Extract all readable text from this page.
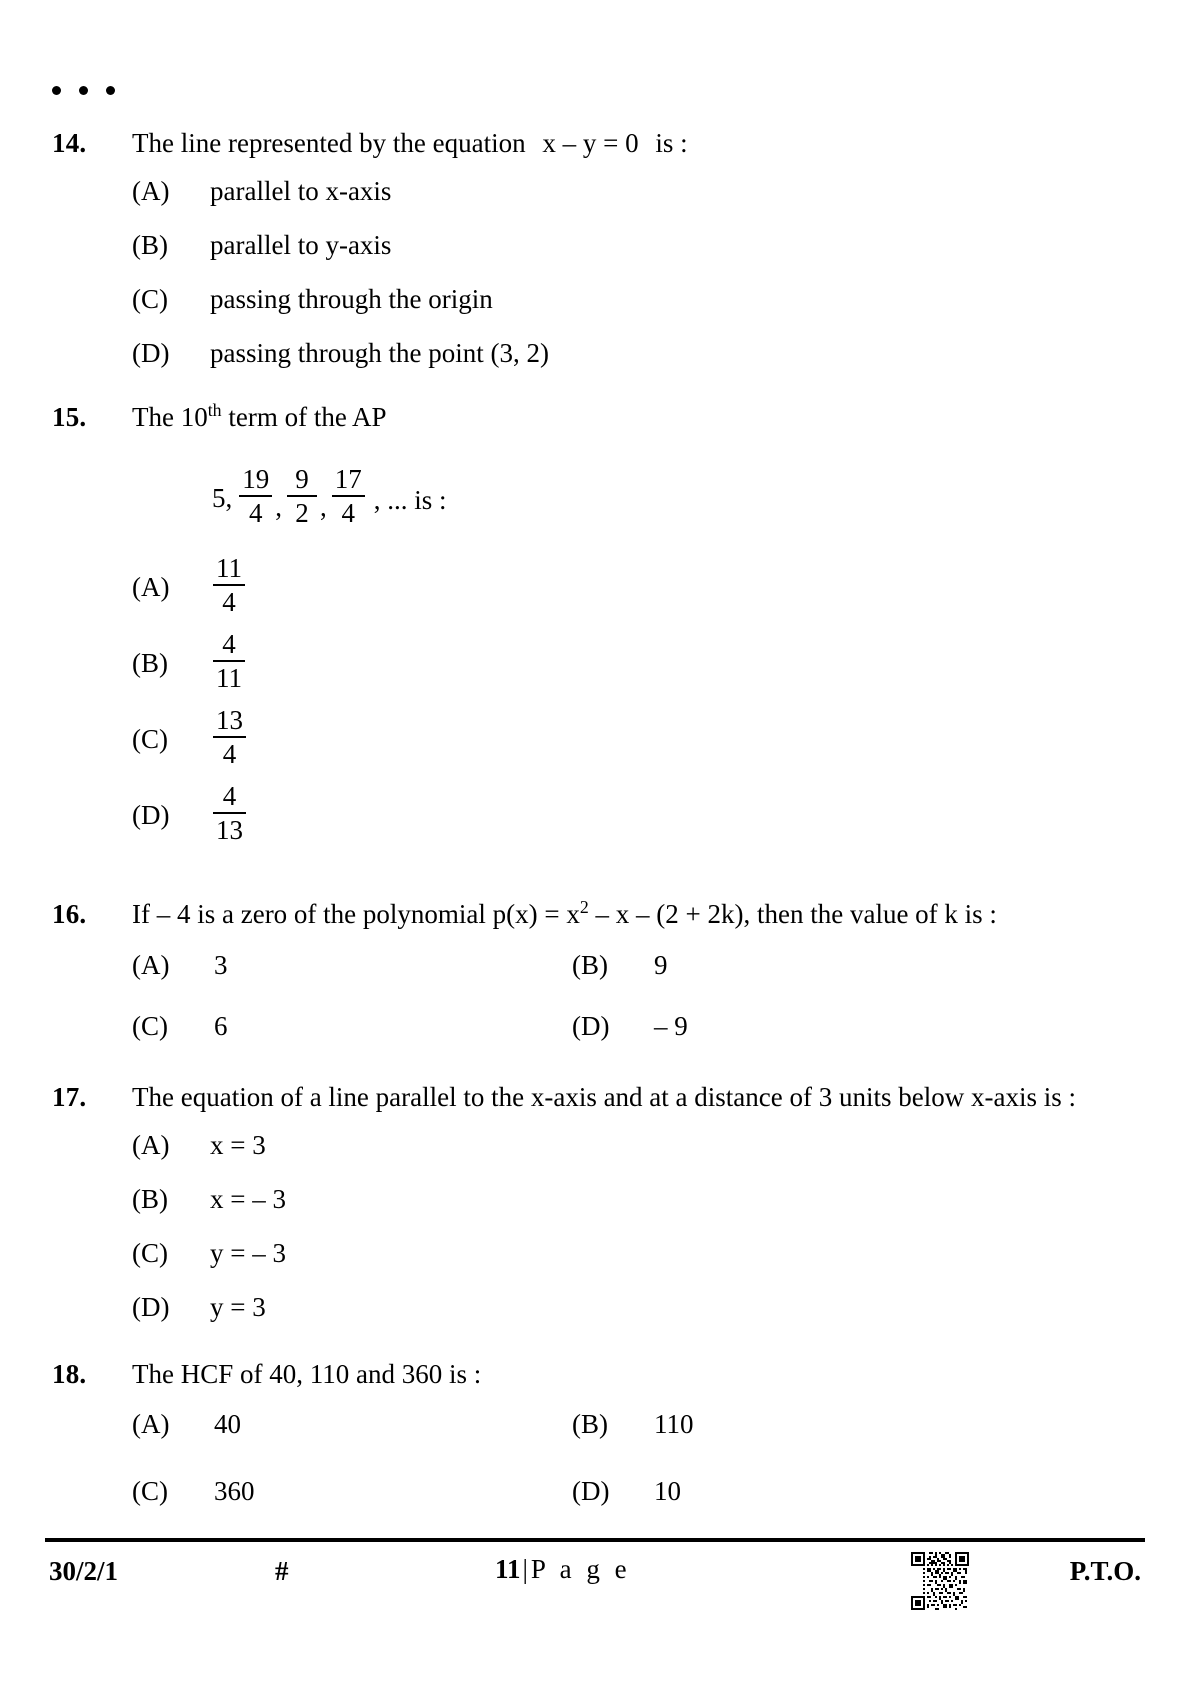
14.	The line represented by the equation x – y = 0 is :
(A)	parallel to x-axis
(B)	parallel to y-axis
(C)	passing through the origin
(D)	passing through the point (3, 2)
15.	The 10th term of the AP
5, $\frac{19}{4}$ , $\frac{9}{2}$ , $\frac{17}{4}$ , ... is :
(A)	$\frac{11}{4}$
(B)	$\frac{4}{11}$
(C)	$\frac{13}{4}$
(D)	$\frac{4}{13}$
16.	If – 4 is a zero of the polynomial $p(x) = x^2 - x - (2 + 2k)$, then the value of k is :
(A)	3	(B)	9
(C)	6	(D)	– 9
17.	The equation of a line parallel to the x-axis and at a distance of 3 units below x-axis is :
(A)	x = 3
(B)	x = – 3
(C)	y = – 3
(D)	y = 3
18.	The HCF of 40, 110 and 360 is :
(A)	40	(B)	110
(C)	360	(D)	10
30/2/1	#	11| P a g e	P.T.O.
